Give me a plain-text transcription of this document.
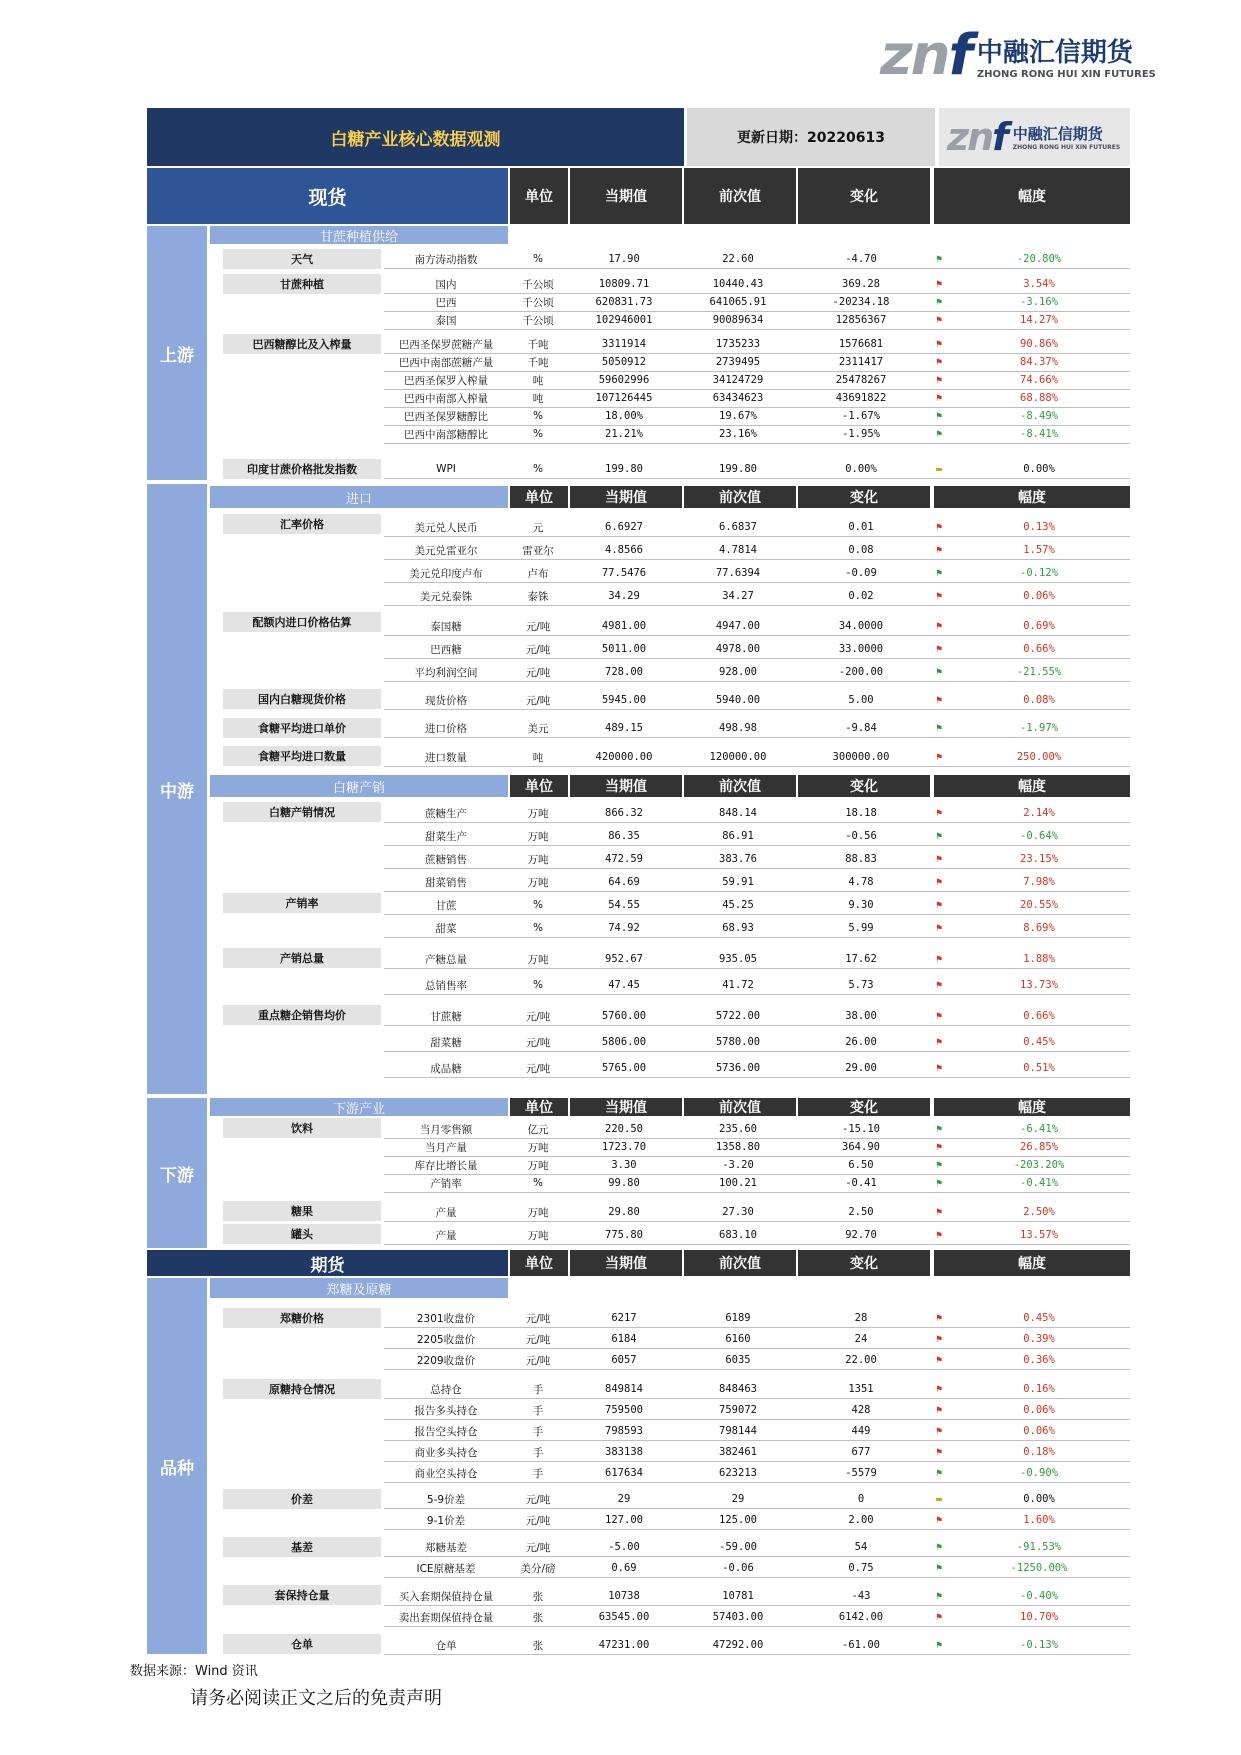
znf 中融汇信期货
ZHONG RONG HUI XIN FUTURES
白糖产业核心数据观测	更新日期：20220613	znf 中融汇信期货
ZHONG RONG HUI XIN FUTURES
现货	单位	当期值	前次值	变化	幅度
上游
中游
下游
品种
甘蔗种植供给
进口	单位	当期值	前次值	变化	幅度
白糖产销	单位	当期值	前次值	变化	幅度
下游产业	单位	当期值	前次值	变化	幅度
期货	单位	当期值	前次值	变化	幅度
郑糖及原糖
天气
甘蔗种植
巴西糖醇比及入榨量
印度甘蔗价格批发指数
汇率价格
配额内进口价格估算
国内白糖现货价格
食糖平均进口单价
食糖平均进口数量
白糖产销情况
产销率
产销总量
重点糖企销售均价
饮料
糖果
罐头
郑糖价格
原糖持仓情况
价差
基差
套保持仓量
仓单
南方涛动指数	%	17.90	22.60	-4.70	⚑	-20.80%
国内	千公顷	10809.71	10440.43	369.28	⚑	3.54%
巴西	千公顷	620831.73	641065.91	-20234.18	⚑	-3.16%
泰国	千公顷	102946001	90089634	12856367	⚑	14.27%
巴西圣保罗蔗糖产量	千吨	3311914	1735233	1576681	⚑	90.86%
巴西中南部蔗糖产量	千吨	5050912	2739495	2311417	⚑	84.37%
巴西圣保罗入榨量	吨	59602996	34124729	25478267	⚑	74.66%
巴西中南部入榨量	吨	107126445	63434623	43691822	⚑	68.88%
巴西圣保罗糖醇比	%	18.00%	19.67%	-1.67%	⚑	-8.49%
巴西中南部糖醇比	%	21.21%	23.16%	-1.95%	⚑	-8.41%
WPI	%	199.80	199.80	0.00%	▬	0.00%
美元兑人民币	元	6.6927	6.6837	0.01	⚑	0.13%
美元兑雷亚尔	雷亚尔	4.8566	4.7814	0.08	⚑	1.57%
美元兑印度卢布	卢布	77.5476	77.6394	-0.09	⚑	-0.12%
美元兑泰铢	泰铢	34.29	34.27	0.02	⚑	0.06%
泰国糖	元/吨	4981.00	4947.00	34.0000	⚑	0.69%
巴西糖	元/吨	5011.00	4978.00	33.0000	⚑	0.66%
平均利润空间	元/吨	728.00	928.00	-200.00	⚑	-21.55%
现货价格	元/吨	5945.00	5940.00	5.00	⚑	0.08%
进口价格	美元	489.15	498.98	-9.84	⚑	-1.97%
进口数量	吨	420000.00	120000.00	300000.00	⚑	250.00%
蔗糖生产	万吨	866.32	848.14	18.18	⚑	2.14%
甜菜生产	万吨	86.35	86.91	-0.56	⚑	-0.64%
蔗糖销售	万吨	472.59	383.76	88.83	⚑	23.15%
甜菜销售	万吨	64.69	59.91	4.78	⚑	7.98%
甘蔗	%	54.55	45.25	9.30	⚑	20.55%
甜菜	%	74.92	68.93	5.99	⚑	8.69%
产糖总量	万吨	952.67	935.05	17.62	⚑	1.88%
总销售率	%	47.45	41.72	5.73	⚑	13.73%
甘蔗糖	元/吨	5760.00	5722.00	38.00	⚑	0.66%
甜菜糖	元/吨	5806.00	5780.00	26.00	⚑	0.45%
成品糖	元/吨	5765.00	5736.00	29.00	⚑	0.51%
当月零售额	亿元	220.50	235.60	-15.10	⚑	-6.41%
当月产量	万吨	1723.70	1358.80	364.90	⚑	26.85%
库存比增长量	万吨	3.30	-3.20	6.50	⚑	-203.20%
产销率	%	99.80	100.21	-0.41	⚑	-0.41%
产量	万吨	29.80	27.30	2.50	⚑	2.50%
产量	万吨	775.80	683.10	92.70	⚑	13.57%
2301收盘价	元/吨	6217	6189	28	⚑	0.45%
2205收盘价	元/吨	6184	6160	24	⚑	0.39%
2209收盘价	元/吨	6057	6035	22.00	⚑	0.36%
总持仓	手	849814	848463	1351	⚑	0.16%
报告多头持仓	手	759500	759072	428	⚑	0.06%
报告空头持仓	手	798593	798144	449	⚑	0.06%
商业多头持仓	手	383138	382461	677	⚑	0.18%
商业空头持仓	手	617634	623213	-5579	⚑	-0.90%
5-9价差	元/吨	29	29	0	▬	0.00%
9-1价差	元/吨	127.00	125.00	2.00	⚑	1.60%
郑糖基差	元/吨	-5.00	-59.00	54	⚑	-91.53%
ICE原糖基差	美分/磅	0.69	-0.06	0.75	⚑	-1250.00%
买入套期保值持仓量	张	10738	10781	-43	⚑	-0.40%
卖出套期保值持仓量	张	63545.00	57403.00	6142.00	⚑	10.70%
仓单	张	47231.00	47292.00	-61.00	⚑	-0.13%
数据来源：Wind 资讯
请务必阅读正文之后的免责声明
